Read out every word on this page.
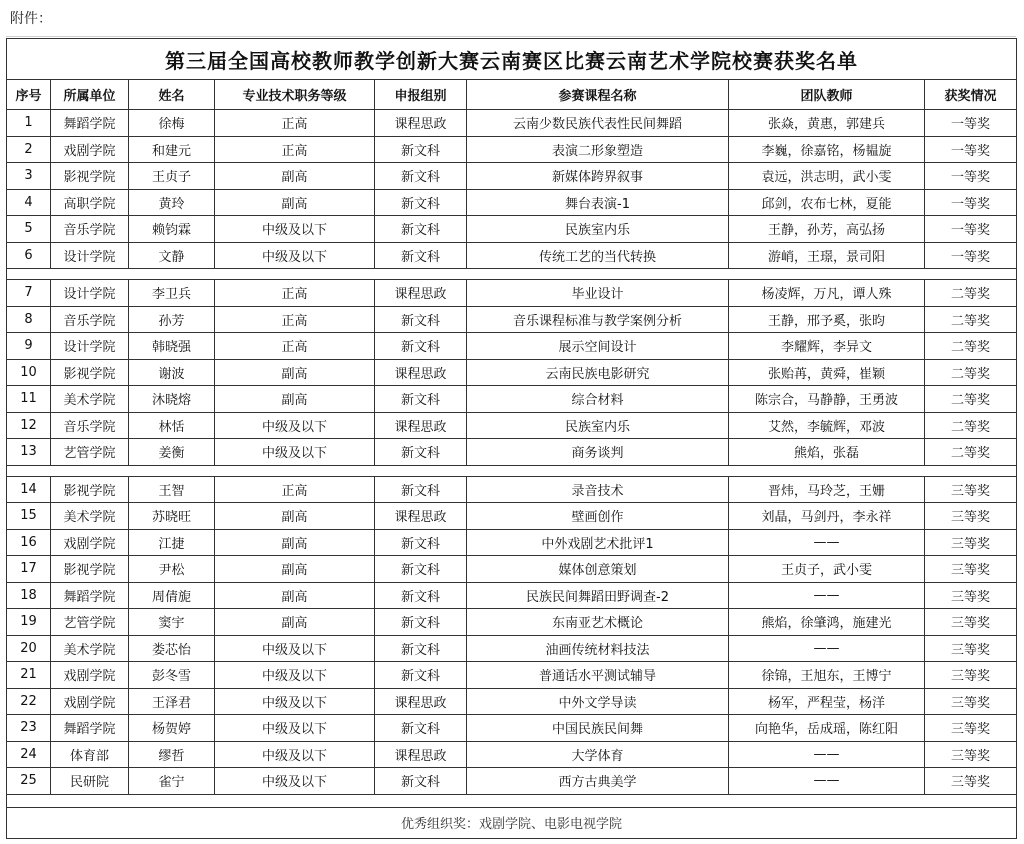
附件：
第三届全国高校教师教学创新大赛云南赛区比赛云南艺术学院校赛获奖名单							
序号	所属单位	姓名	专业技术职务等级	申报组别	参赛课程名称	团队教师	获奖情况
1	舞蹈学院	徐梅	正高	课程思政	云南少数民族代表性民间舞蹈	张焱，黄惠，郭建兵	一等奖
2	戏剧学院	和建元	正高	新文科	表演二形象塑造	李巍，徐嘉铭，杨韫旋	一等奖
3	影视学院	王贞子	副高	新文科	新媒体跨界叙事	袁远，洪志明，武小雯	一等奖
4	高职学院	黄玲	副高	新文科	舞台表演-1	邱剑，农布七林，夏能	一等奖
5	音乐学院	赖钧霖	中级及以下	新文科	民族室内乐	王静，孙芳，高弘扬	一等奖
6	设计学院	文静	中级及以下	新文科	传统工艺的当代转换	游峭，王璟，景司阳	一等奖

7	设计学院	李卫兵	正高	课程思政	毕业设计	杨凌辉，万凡，谭人殊	二等奖
8	音乐学院	孙芳	正高	新文科	音乐课程标准与教学案例分析	王静，邢予奚，张昀	二等奖
9	设计学院	韩晓强	正高	新文科	展示空间设计	李耀辉，李异文	二等奖
10	影视学院	谢波	副高	课程思政	云南民族电影研究	张贻苒，黄舜，崔颖	二等奖
11	美术学院	沐晓熔	副高	新文科	综合材料	陈宗合，马静静，王勇波	二等奖
12	音乐学院	林恬	中级及以下	课程思政	民族室内乐	艾然，李毓辉，邓波	二等奖
13	艺管学院	姜衡	中级及以下	新文科	商务谈判	熊焰，张磊	二等奖

14	影视学院	王智	正高	新文科	录音技术	晋炜，马玲芝，王姗	三等奖
15	美术学院	苏晓旺	副高	课程思政	壁画创作	刘晶，马剑丹，李永祥	三等奖
16	戏剧学院	江捷	副高	新文科	中外戏剧艺术批评1	——	三等奖
17	影视学院	尹松	副高	新文科	媒体创意策划	王贞子，武小雯	三等奖
18	舞蹈学院	周倩旎	副高	新文科	民族民间舞蹈田野调查-2	——	三等奖
19	艺管学院	窦宇	副高	新文科	东南亚艺术概论	熊焰，徐肇鸿，施建光	三等奖
20	美术学院	娄芯怡	中级及以下	新文科	油画传统材料技法	——	三等奖
21	戏剧学院	彭冬雪	中级及以下	新文科	普通话水平测试辅导	徐锦，王旭东，王博宁	三等奖
22	戏剧学院	王泽君	中级及以下	课程思政	中外文学导读	杨军，严程莹，杨洋	三等奖
23	舞蹈学院	杨贺婷	中级及以下	新文科	中国民族民间舞	向艳华，岳成瑶，陈红阳	三等奖
24	体育部	缪哲	中级及以下	课程思政	大学体育	——	三等奖
25	民研院	雀宁	中级及以下	新文科	西方古典美学	——	三等奖

优秀组织奖：戏剧学院、电影电视学院							
